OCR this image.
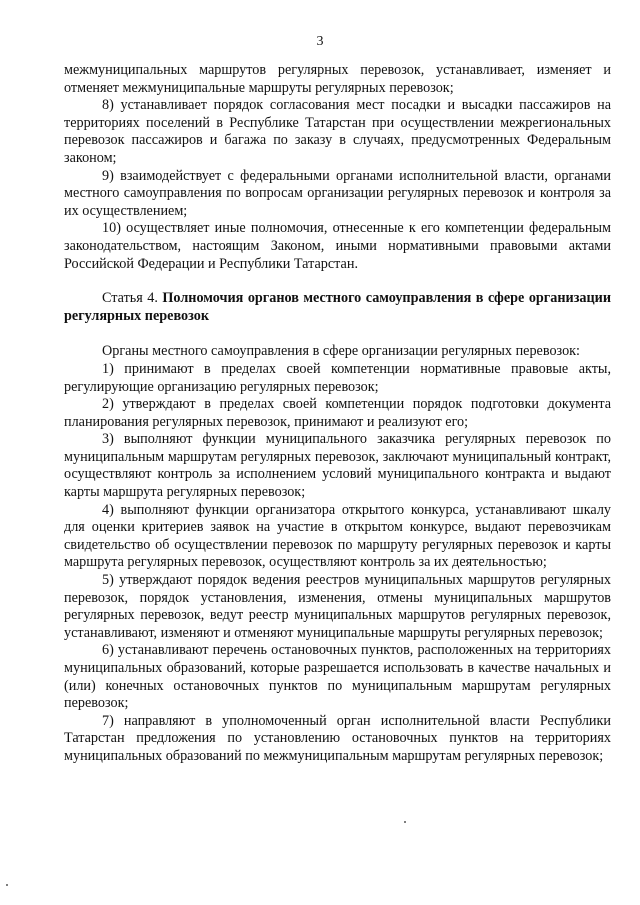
3

межмуниципальных маршрутов регулярных перевозок, устанавливает, изменяет и отменяет межмуниципальные маршруты регулярных перевозок;

8) устанавливает порядок согласования мест посадки и высадки пассажиров на территориях поселений в Республике Татарстан при осуществлении межрегиональных перевозок пассажиров и багажа по заказу в случаях, предусмотренных Федеральным законом;

9) взаимодействует с федеральными органами исполнительной власти, органами местного самоуправления по вопросам организации регулярных перевозок и контроля за их осуществлением;

10) осуществляет иные полномочия, отнесенные к его компетенции федеральным законодательством, настоящим Законом, иными нормативными правовыми актами Российской Федерации и Республики Татарстан.

Статья 4. Полномочия органов местного самоуправления в сфере организации регулярных перевозок

Органы местного самоуправления в сфере организации регулярных перевозок:

1) принимают в пределах своей компетенции нормативные правовые акты, регулирующие организацию регулярных перевозок;

2) утверждают в пределах своей компетенции порядок подготовки документа планирования регулярных перевозок, принимают и реализуют его;

3) выполняют функции муниципального заказчика регулярных перевозок по муниципальным маршрутам регулярных перевозок, заключают муниципальный контракт, осуществляют контроль за исполнением условий муниципального контракта и выдают карты маршрута регулярных перевозок;

4) выполняют функции организатора открытого конкурса, устанавливают шкалу для оценки критериев заявок на участие в открытом конкурсе, выдают перевозчикам свидетельство об осуществлении перевозок по маршруту регулярных перевозок и карты маршрута регулярных перевозок, осуществляют контроль за их деятельностью;

5) утверждают порядок ведения реестров муниципальных маршрутов регулярных перевозок, порядок установления, изменения, отмены муниципальных маршрутов регулярных перевозок, ведут реестр муниципальных маршрутов регулярных перевозок, устанавливают, изменяют и отменяют муниципальные маршруты регулярных перевозок;

6) устанавливают перечень остановочных пунктов, расположенных на территориях муниципальных образований, которые разрешается использовать в качестве начальных и (или) конечных остановочных пунктов по муниципальным маршрутам регулярных перевозок;

7) направляют в уполномоченный орган исполнительной власти Республики Татарстан предложения по установлению остановочных пунктов на территориях муниципальных образований по межмуниципальным маршрутам регулярных перевозок;
